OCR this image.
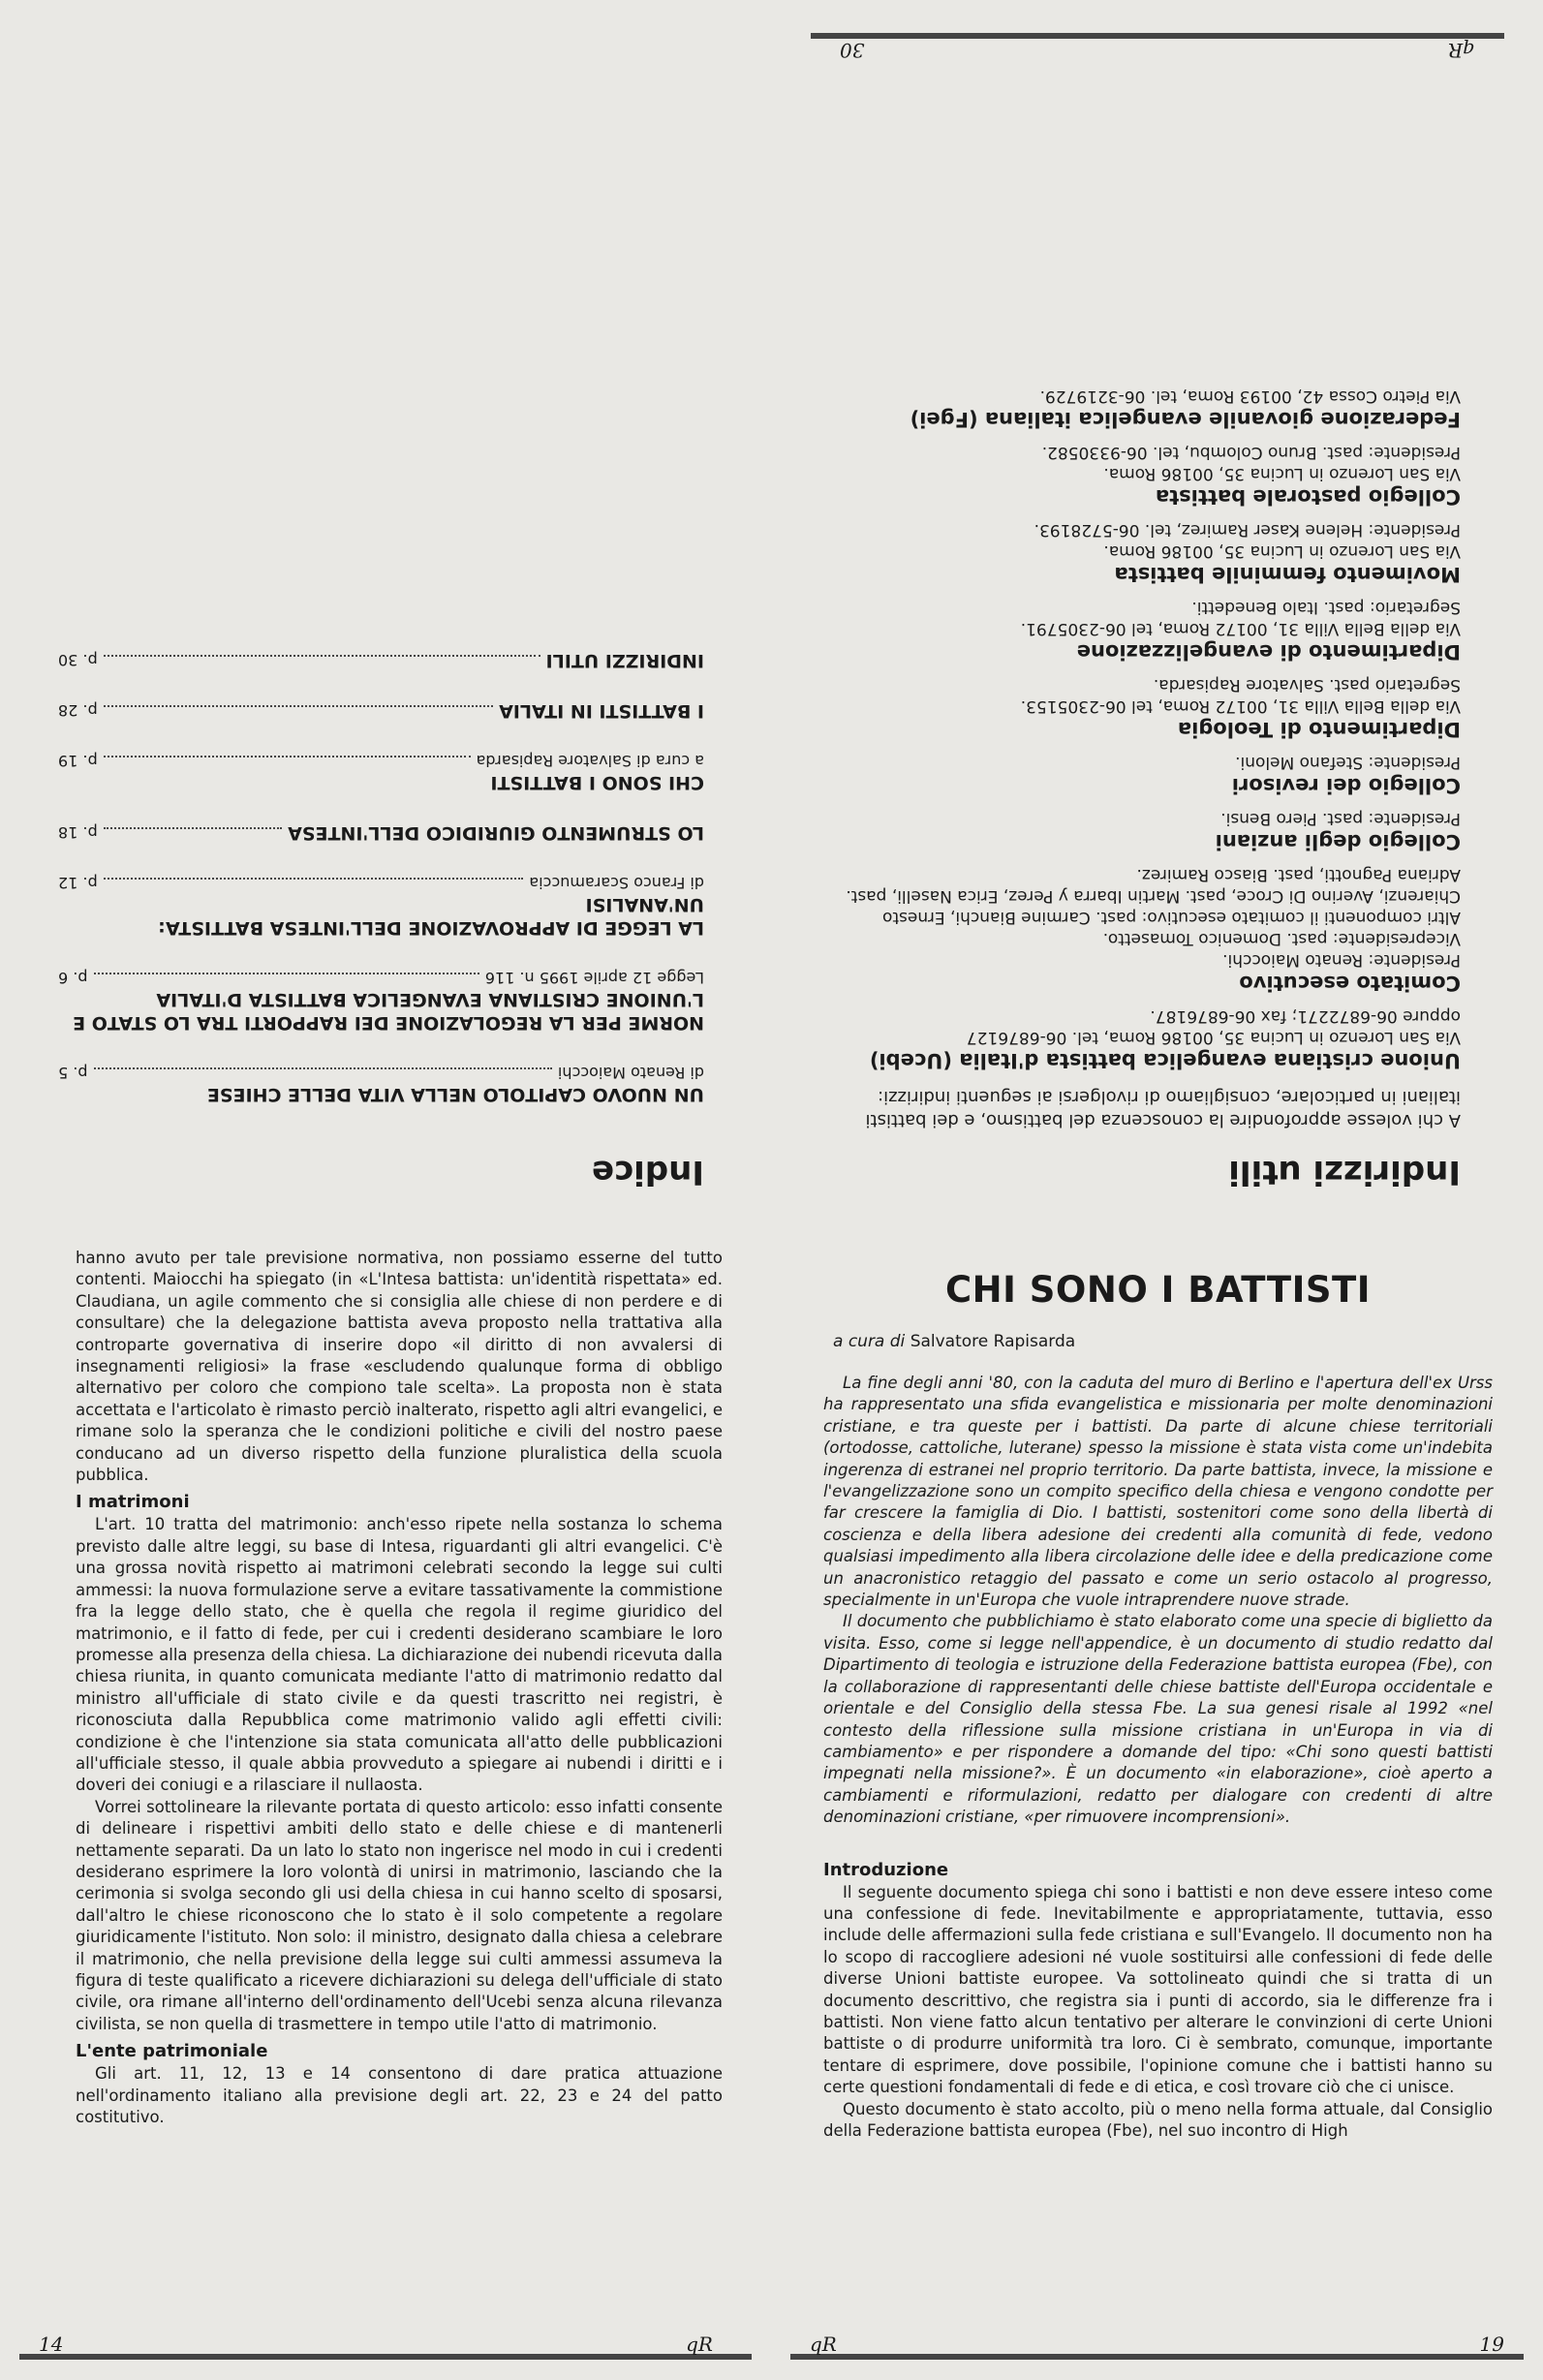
Indirizzi utili

A chi volesse approfondire la conoscenza del battismo, e dei battisti italiani in particolare, consigliamo di rivolgersi ai seguenti indirizzi:

Unione cristiana evangelica battista d'Italia (Ucebi)
Via San Lorenzo in Lucina 35, 00186 Roma, tel. 06-6876127
oppure 06-6872271; fax 06-6876187.
Comitato esecutivo
Presidente: Renato Maiocchi.
Vicepresidente: past. Domenico Tomasetto.
Altri componenti il comitato esecutivo: past. Carmine Bianchi, Ernesto Chiarenzi, Averino Di Croce, past. Martin Ibarra y Perez, Erica Naselli, past. Adriana Pagnotti, past. Biasco Ramirez.
Collegio degli anziani
Presidente: past. Piero Bensi.
Collegio dei revisori
Presidente: Stefano Meloni.
Dipartimento di Teologia
Via della Bella Villa 31, 00172 Roma, tel 06-2305153.
Segretario past. Salvatore Rapisarda.
Dipartimento di evangelizzazione
Via della Bella Villa 31, 00172 Roma, tel 06-2305791.
Segretario: past. Italo Benedetti.
Movimento femminile battista
Via San Lorenzo in Lucina 35, 00186 Roma.
Presidente: Helene Kaser Ramirez, tel. 06-5728193.
Collegio pastorale battista
Via San Lorenzo in Lucina 35, 00186 Roma.
Presidente: past. Bruno Colombu, tel. 06-9330582.
Federazione giovanile evangelica italiana (Fgei)
Via Pietro Cossa 42, 00193 Roma, tel. 06-3219729.
qR
30
Indice
UN NUOVO CAPITOLO NELLA VITA DELLE CHIESE
di Renato Maiocchi
p. 5
NORME PER LA REGOLAZIONE DEI RAPPORTI TRA LO STATO E L'UNIONE CRISTIANA EVANGELICA BATTISTA D'ITALIA
Legge 12 aprile 1995 n. 116
p. 6
LA LEGGE DI APPROVAZIONE DELL'INTESA BATTISTA: UN'ANALISI
di Franco Scaramuccia
p. 12
LO STRUMENTO GIURIDICO DELL'INTESA
p. 18
CHI SONO I BATTISTI
a cura di Salvatore Rapisarda
p. 19
I BATTISTI IN ITALIA
p. 28
INDIRIZZI UTILI
p. 30

hanno avuto per tale previsione normativa, non possiamo esserne del tutto contenti. Maiocchi ha spiegato (in «L'Intesa battista: un'identità rispettata» ed. Claudiana, un agile commento che si consiglia alle chiese di non perdere e di consultare) che la delegazione battista aveva proposto nella trattativa alla controparte governativa di inserire dopo «il diritto di non avvalersi di insegnamenti religiosi» la frase «escludendo qualunque forma di obbligo alternativo per coloro che compiono tale scelta». La proposta non è stata accettata e l'articolato è rimasto perciò inalterato, rispetto agli altri evangelici, e rimane solo la speranza che le condizioni politiche e civili del nostro paese conducano ad un diverso rispetto della funzione pluralistica della scuola pubblica.

I matrimoni

L'art. 10 tratta del matrimonio: anch'esso ripete nella sostanza lo schema previsto dalle altre leggi, su base di Intesa, riguardanti gli altri evangelici. C'è una grossa novità rispetto ai matrimoni celebrati secondo la legge sui culti ammessi: la nuova formulazione serve a evitare tassativamente la commistione fra la legge dello stato, che è quella che regola il regime giuridico del matrimonio, e il fatto di fede, per cui i credenti desiderano scambiare le loro promesse alla presenza della chiesa. La dichiarazione dei nubendi ricevuta dalla chiesa riunita, in quanto comunicata mediante l'atto di matrimonio redatto dal ministro all'ufficiale di stato civile e da questi trascritto nei registri, è riconosciuta dalla Repubblica come matrimonio valido agli effetti civili: condizione è che l'intenzione sia stata comunicata all'atto delle pubblicazioni all'ufficiale stesso, il quale abbia provveduto a spiegare ai nubendi i diritti e i doveri dei coniugi e a rilasciare il nullaosta.

Vorrei sottolineare la rilevante portata di questo articolo: esso infatti consente di delineare i rispettivi ambiti dello stato e delle chiese e di mantenerli nettamente separati. Da un lato lo stato non ingerisce nel modo in cui i credenti desiderano esprimere la loro volontà di unirsi in matrimonio, lasciando che la cerimonia si svolga secondo gli usi della chiesa in cui hanno scelto di sposarsi, dall'altro le chiese riconoscono che lo stato è il solo competente a regolare giuridicamente l'istituto. Non solo: il ministro, designato dalla chiesa a celebrare il matrimonio, che nella previsione della legge sui culti ammessi assumeva la figura di teste qualificato a ricevere dichiarazioni su delega dell'ufficiale di stato civile, ora rimane all'interno dell'ordinamento dell'Ucebi senza alcuna rilevanza civilista, se non quella di trasmettere in tempo utile l'atto di matrimonio.

L'ente patrimoniale

Gli art. 11, 12, 13 e 14 consentono di dare pratica attuazione nell'ordinamento italiano alla previsione degli art. 22, 23 e 24 del patto costitutivo.

14	qR
CHI SONO I BATTISTI
a cura di Salvatore Rapisarda

La fine degli anni '80, con la caduta del muro di Berlino e l'apertura dell'ex Urss ha rappresentato una sfida evangelistica e missionaria per molte denominazioni cristiane, e tra queste per i battisti. Da parte di alcune chiese territoriali (ortodosse, cattoliche, luterane) spesso la missione è stata vista come un'indebita ingerenza di estranei nel proprio territorio. Da parte battista, invece, la missione e l'evangelizzazione sono un compito specifico della chiesa e vengono condotte per far crescere la famiglia di Dio. I battisti, sostenitori come sono della libertà di coscienza e della libera adesione dei credenti alla comunità di fede, vedono qualsiasi impedimento alla libera circolazione delle idee e della predicazione come un anacronistico retaggio del passato e come un serio ostacolo al progresso, specialmente in un'Europa che vuole intraprendere nuove strade.

Il documento che pubblichiamo è stato elaborato come una specie di biglietto da visita. Esso, come si legge nell'appendice, è un documento di studio redatto dal Dipartimento di teologia e istruzione della Federazione battista europea (Fbe), con la collaborazione di rappresentanti delle chiese battiste dell'Europa occidentale e orientale e del Consiglio della stessa Fbe. La sua genesi risale al 1992 «nel contesto della riflessione sulla missione cristiana in un'Europa in via di cambiamento» e per rispondere a domande del tipo: «Chi sono questi battisti impegnati nella missione?». È un documento «in elaborazione», cioè aperto a cambiamenti e riformulazioni, redatto per dialogare con credenti di altre denominazioni cristiane, «per rimuovere incomprensioni».

Introduzione

Il seguente documento spiega chi sono i battisti e non deve essere inteso come una confessione di fede. Inevitabilmente e appropriatamente, tuttavia, esso include delle affermazioni sulla fede cristiana e sull'Evangelo. Il documento non ha lo scopo di raccogliere adesioni né vuole sostituirsi alle confessioni di fede delle diverse Unioni battiste europee. Va sottolineato quindi che si tratta di un documento descrittivo, che registra sia i punti di accordo, sia le differenze fra i battisti. Non viene fatto alcun tentativo per alterare le convinzioni di certe Unioni battiste o di produrre uniformità tra loro. Ci è sembrato, comunque, importante tentare di esprimere, dove possibile, l'opinione comune che i battisti hanno su certe questioni fondamentali di fede e di etica, e così trovare ciò che ci unisce.

Questo documento è stato accolto, più o meno nella forma attuale, dal Consiglio della Federazione battista europea (Fbe), nel suo incontro di High

qR	19
